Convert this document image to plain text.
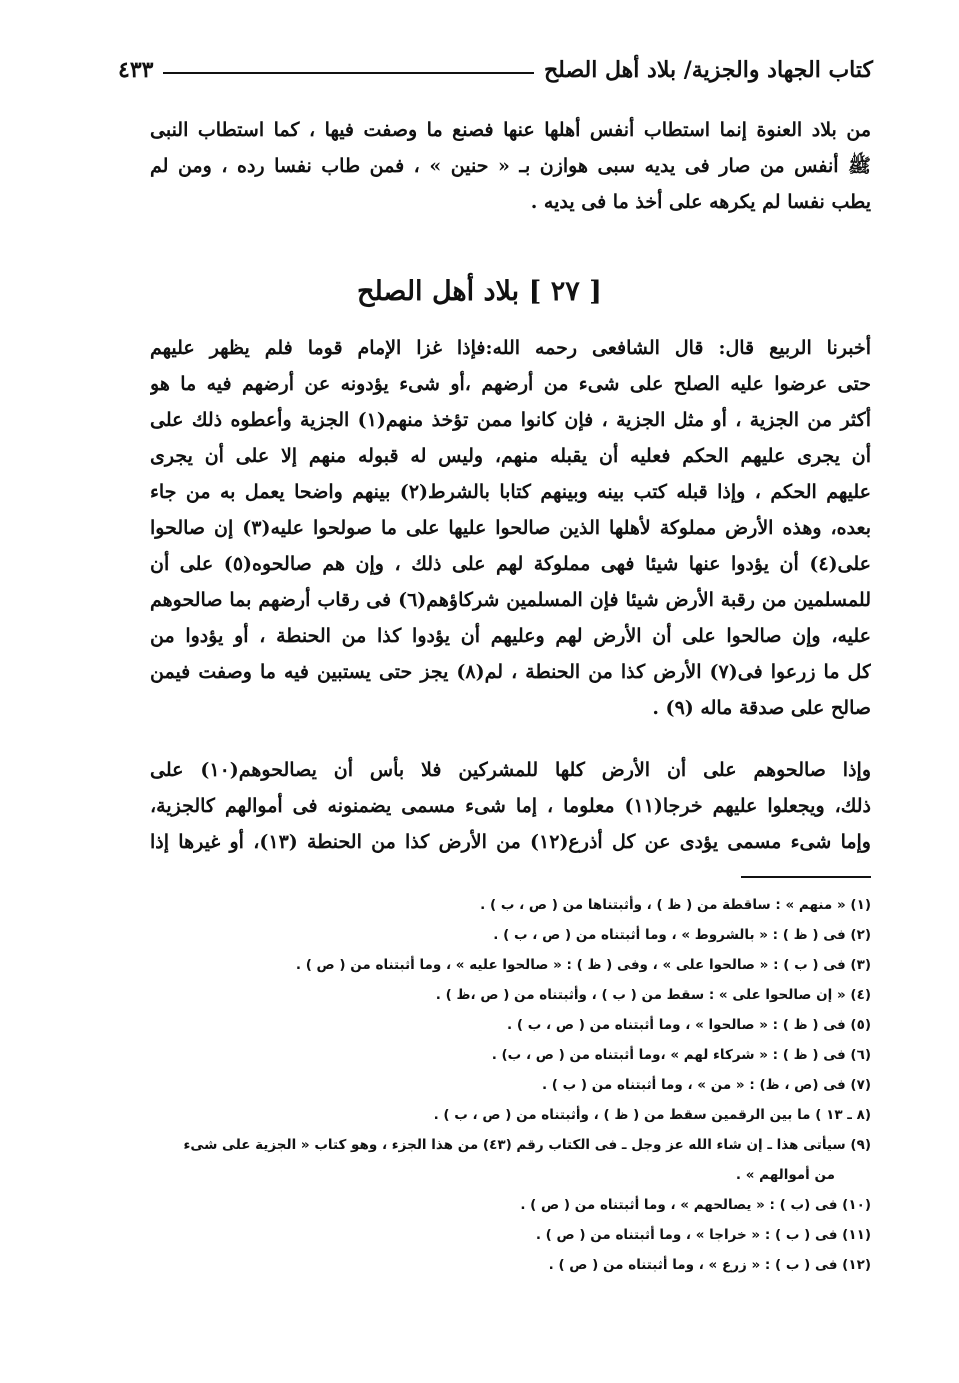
كتاب الجهاد والجزية/ بلاد أهل الصلح
٤٣٣
من بلاد العنوة إنما استطاب أنفس أهلها عنها فصنع ما وصفت فيها ، كما استطاب النبى
ﷺ أنفس من صار فى يديه سبى هوازن بـ « حنين » ، فمن طاب نفسا رده ، ومن لم
يطب نفسا لم يكرهه على أخذ ما فى يديه .
[ ٢٧ ] بلاد أهل الصلح
أخبرنا الربيع قال: قال الشافعى رحمه الله:فإذا غزا الإمام قوما فلم يظهر عليهم
حتى عرضوا عليه الصلح على شىء من أرضهم ،أو شىء يؤدونه عن أرضهم فيه ما هو
أكثر من الجزية ، أو مثل الجزية ، فإن كانوا ممن تؤخذ منهم(١) الجزية وأعطوه ذلك على
أن يجرى عليهم الحكم فعليه أن يقبله منهم، وليس له قبوله منهم إلا على أن يجرى
عليهم الحكم ، وإذا قبله كتب بينه وبينهم كتابا بالشرط(٢) بينهم واضحا يعمل به من جاء
بعده، وهذه الأرض مملوكة لأهلها الذين صالحوا عليها على ما صولحوا عليه(٣) إن صالحوا
على(٤) أن يؤدوا عنها شيئا فهى مملوكة لهم على ذلك ، وإن هم صالحوه(٥) على أن
للمسلمين من رقبة الأرض شيئا فإن المسلمين شركاؤهم(٦) فى رقاب أرضهم بما صالحوهم
عليه، وإن صالحوا على أن الأرض لهم وعليهم أن يؤدوا كذا من الحنطة ، أو يؤدوا من
كل ما زرعوا فى(٧) الأرض كذا من الحنطة ، لم(٨) يجز حتى يستبين فيه ما وصفت فيمن
صالح على صدقة ماله (٩) .
وإذا صالحوهم على أن الأرض كلها للمشركين فلا بأس أن يصالحوهم(١٠) على
ذلك، ويجعلوا عليهم خرجا(١١) معلوما ، إما شىء مسمى يضمنونه فى أموالهم كالجزية،
وإما شىء مسمى يؤدى عن كل أذرع(١٢) من الأرض كذا من الحنطة (١٣)، أو غيرها إذا
(١) « منهم » : ساقطة من ( ظ ) ، وأثبتناها من ( ص ، ب ) .
(٢) فى ( ظ ) : « بالشروط » ، وما أثبتناه من ( ص ، ب ) .
(٣) فى ( ب ) : « صالحوا على » ، وفى ( ظ ) : « صالحوا عليه » ، وما أثبتناه من ( ص ) .
(٤) « إن صالحوا على » : سقط من ( ب ) ، وأثبتناه من ( ص ،ظ ) .
(٥) فى ( ظ ) : « صالحوا » ، وما أثبتناه من ( ص ، ب ) .
(٦) فى ( ظ ) : « شركاء لهم » ،وما أثبتناه من ( ص ، ب) .
(٧) فى (ص ، ظ) : « من » ، وما أثبتناه من ( ب ) .
(٨ ـ ١٣ ) ما بين الرقمين سقط من ( ظ ) ، وأثبتناه من ( ص ، ب ) .
(٩) سيأتى هذا ـ إن شاء الله عز وجل ـ فى الكتاب رقم (٤٣) من هذا الجزء ، وهو كتاب « الجزية على شىء
من أموالهم » .
(١٠) فى (ب ) : « يصالحهم » ، وما أثبتناه من ( ص ) .
(١١) فى ( ب ) : « خراجا » ، وما أثبتناه من ( ص ) .
(١٢) فى ( ب ) : « زرع » ، وما أثبتناه من ( ص ) .
